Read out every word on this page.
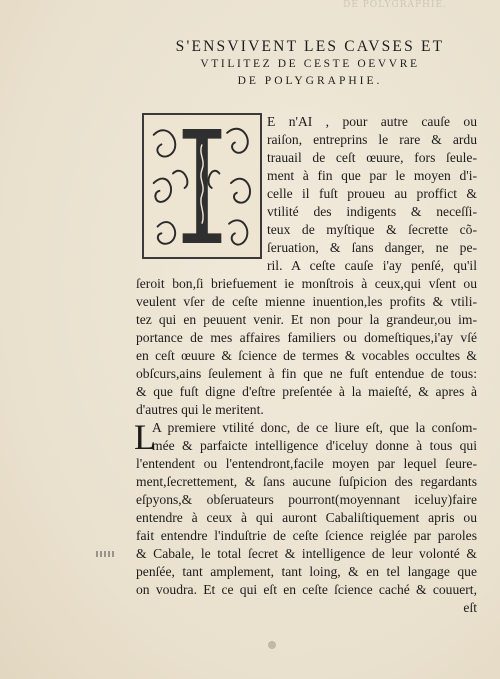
DE POLYGRAPHIE.
S'ENSVIVENT LES CAVSES ET
VTILITEZ DE CESTE OEVVRE
DE POLYGRAPHIE.
E n'AI , pour autre cauſe ou
raiſon, entreprins le rare & ardu
trauail de ceſt œuure, fors ſeule-
ment à fin que par le moyen d'i-
celle il fuſt proueu au proffict &
vtilité des indigents & neceſſi-
teux de myſtique & ſecrette cõ-
ſeruation, & ſans danger, ne pe-
ril. A ceſte cauſe i'ay penſé, qu'il
ſeroit bon,ſi briefuement ie monſtrois à ceux,qui vſent ou
veulent vſer de ceſte mienne inuention,les profits & vtili-
tez qui en peuuent venir. Et non pour la grandeur,ou im-
portance de mes affaires familiers ou domeſtiques,i'ay vſé
en ceſt œuure & ſcience de termes & vocables occultes &
obſcurs,ains ſeulement à fin que ne fuſt entendue de tous:
& que fuſt digne d'eſtre preſentée à la maieſté, & apres à
d'autres qui le meritent.
L
A premiere vtilité donc, de ce liure eſt, que la conſom-
mée & parfaicte intelligence d'iceluy donne à tous qui
l'entendent ou l'entendront,facile moyen par lequel ſeure-
ment,ſecrettement, & ſans aucune ſuſpicion des regardants
eſpyons,& obſeruateurs pourront(moyennant iceluy)faire
entendre à ceux à qui auront Cabaliſtiquement apris ou
fait entendre l'induſtrie de ceſte ſcience reiglée par paroles
& Cabale, le total ſecret & intelligence de leur volonté &
penſée, tant amplement, tant loing, & en tel langage que
on voudra. Et ce qui eſt en ceſte ſcience caché & couuert,
eſt
